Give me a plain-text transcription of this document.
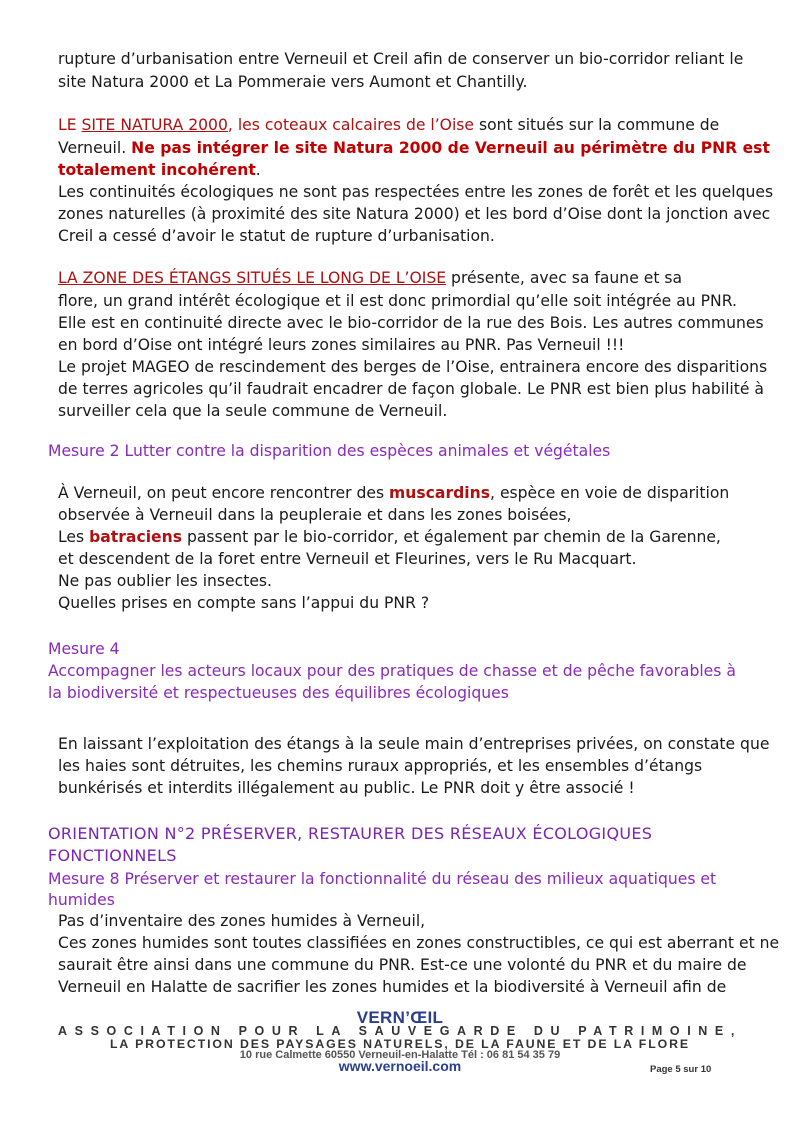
rupture d’urbanisation entre Verneuil et Creil afin de conserver un bio-corridor reliant le
site Natura 2000 et La Pommeraie vers Aumont et Chantilly.
LE SITE NATURA 2000, les coteaux calcaires de l’Oise sont situés sur la commune de
Verneuil. Ne pas intégrer le site Natura 2000 de Verneuil au périmètre du PNR est
totalement incohérent.
Les continuités écologiques ne sont pas respectées entre les zones de forêt et les quelques
zones naturelles (à proximité des site Natura 2000) et les bord d’Oise dont la jonction avec
Creil a cessé d’avoir le statut de rupture d’urbanisation.
LA ZONE DES ÉTANGS SITUÉS LE LONG DE L’OISE présente, avec sa faune et sa
flore, un grand intérêt écologique et il est donc primordial qu’elle soit intégrée au PNR.
Elle est en continuité directe avec le bio-corridor de la rue des Bois. Les autres communes
en bord d’Oise ont intégré leurs zones similaires au PNR. Pas Verneuil !!!
Le projet MAGEO de rescindement des berges de l’Oise, entrainera encore des disparitions
de terres agricoles qu’il faudrait encadrer de façon globale. Le PNR est bien plus habilité à
surveiller cela que la seule commune de Verneuil.
Mesure 2 Lutter contre la disparition des espèces animales et végétales
À Verneuil, on peut encore rencontrer des muscardins, espèce en voie de disparition
observée à Verneuil dans la peupleraie et dans les zones boisées,
Les batraciens passent par le bio-corridor, et également par chemin de la Garenne,
et descendent de la foret entre Verneuil et Fleurines, vers le Ru Macquart.
Ne pas oublier les insectes.
Quelles prises en compte sans l’appui du PNR ?
Mesure 4
Accompagner les acteurs locaux pour des pratiques de chasse et de pêche favorables à
la biodiversité et respectueuses des équilibres écologiques
En laissant l’exploitation des étangs à la seule main d’entreprises privées, on constate que
les haies sont détruites, les chemins ruraux appropriés, et les ensembles d’étangs
bunkérisés et interdits illégalement au public. Le PNR doit y être associé !
ORIENTATION N°2 PRÉSERVER, RESTAURER DES RÉSEAUX ÉCOLOGIQUES
FONCTIONNELS
Mesure 8 Préserver et restaurer la fonctionnalité du réseau des milieux aquatiques et
humides
Pas d’inventaire des zones humides à Verneuil,
Ces zones humides sont toutes classifiées en zones constructibles, ce qui est aberrant et ne
saurait être ainsi dans une commune du PNR. Est-ce une volonté du PNR et du maire de
Verneuil en Halatte de sacrifier les zones humides et la biodiversité à Verneuil afin de
VERN’ŒIL
ASSOCIATION POUR LA SAUVEGARDE DU PATRIMOINE,
LA PROTECTION DES PAYSAGES NATURELS, DE LA FAUNE ET DE LA FLORE
10 rue Calmette 60550 Verneuil-en-Halatte Tél : 06 81 54 35 79
www.vernoeil.com	Page 5 sur 10
